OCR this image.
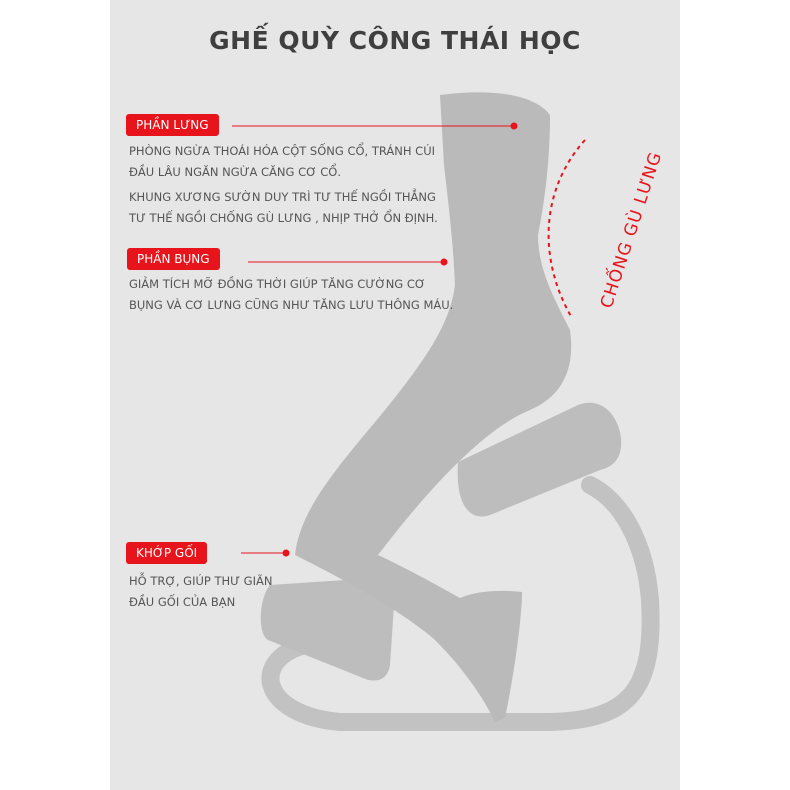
GHẾ QUỲ CÔNG THÁI HỌC
PHẦN LƯNG

PHÒNG NGỪA THOÁI HÓA CỘT SỐNG CỔ, TRÁNH CÚI

ĐẦU LÂU NGĂN NGỪA CĂNG CƠ CỔ.

KHUNG XƯƠNG SƯỜN DUY TRÌ TƯ THẾ NGỒI THẲNG

TƯ THẾ NGỒI CHỐNG GÙ LƯNG , NHỊP THỞ ỔN ĐỊNH.

PHẦN BỤNG

GIẢM TÍCH MỠ ĐỒNG THỜI GIÚP TĂNG CƯỜNG CƠ

BỤNG VÀ CƠ LƯNG CŨNG NHƯ TĂNG LƯU THÔNG MÁU.

KHỚP GỐI

HỖ TRỢ, GIÚP THƯ GIÃN

ĐẦU GỐI CỦA BẠN

CHỐNG GÙ LƯNG
